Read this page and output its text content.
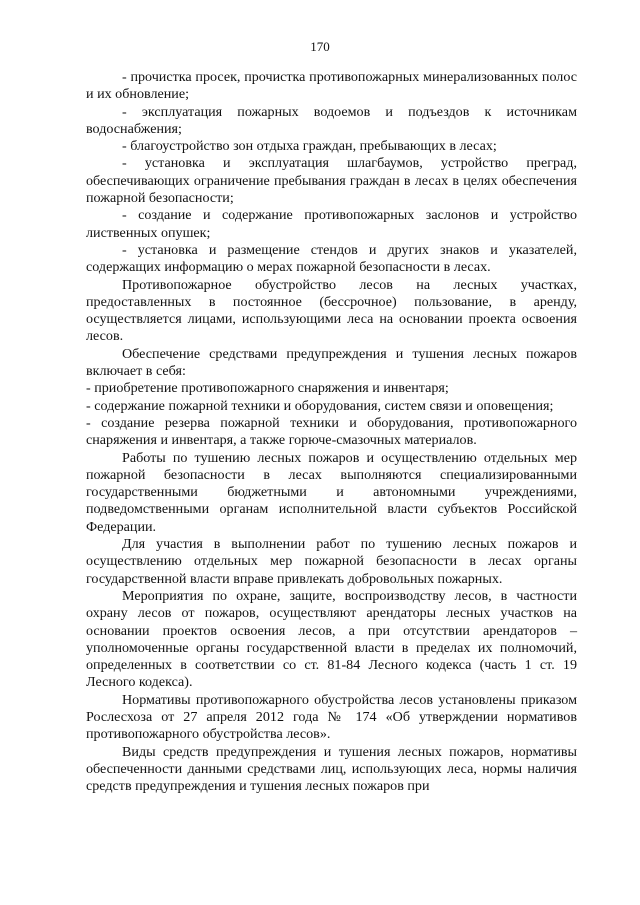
170

- прочистка просек, прочистка противопожарных минерализованных полос и их обновление;

- эксплуатация пожарных водоемов и подъездов к источникам водоснабжения;

- благоустройство зон отдыха граждан, пребывающих в лесах;

- установка и эксплуатация шлагбаумов, устройство преград, обеспечивающих ограничение пребывания граждан в лесах в целях обеспечения пожарной безопасности;

- создание и содержание противопожарных заслонов и устройство лиственных опушек;

- установка и размещение стендов и других знаков и указателей, содержащих информацию о мерах пожарной безопасности в лесах.

Противопожарное обустройство лесов на лесных участках, предоставленных в постоянное (бессрочное) пользование, в аренду, осуществляется лицами, использующими леса на основании проекта освоения лесов.

Обеспечение средствами предупреждения и тушения лесных пожаров включает в себя:

- приобретение противопожарного снаряжения и инвентаря;

- содержание пожарной техники и оборудования, систем связи и оповещения;

- создание резерва пожарной техники и оборудования, противопожарного снаряжения и инвентаря, а также горюче-смазочных материалов.

Работы по тушению лесных пожаров и осуществлению отдельных мер пожарной безопасности в лесах выполняются специализированными государственными бюджетными и автономными учреждениями, подведомственными органам исполнительной власти субъектов Российской Федерации.

Для участия в выполнении работ по тушению лесных пожаров и осуществлению отдельных мер пожарной безопасности в лесах органы государственной власти вправе привлекать добровольных пожарных.

Мероприятия по охране, защите, воспроизводству лесов, в частности охрану лесов от пожаров, осуществляют арендаторы лесных участков на основании проектов освоения лесов, а при отсутствии арендаторов – уполномоченные органы государственной власти в пределах их полномочий, определенных в соответствии со ст. 81-84 Лесного кодекса (часть 1 ст. 19 Лесного кодекса).

Нормативы противопожарного обустройства лесов установлены приказом Рослесхоза от 27 апреля 2012 года № 174 «Об утверждении нормативов противопожарного обустройства лесов».

Виды средств предупреждения и тушения лесных пожаров, нормативы обеспеченности данными средствами лиц, использующих леса, нормы наличия средств предупреждения и тушения лесных пожаров при
